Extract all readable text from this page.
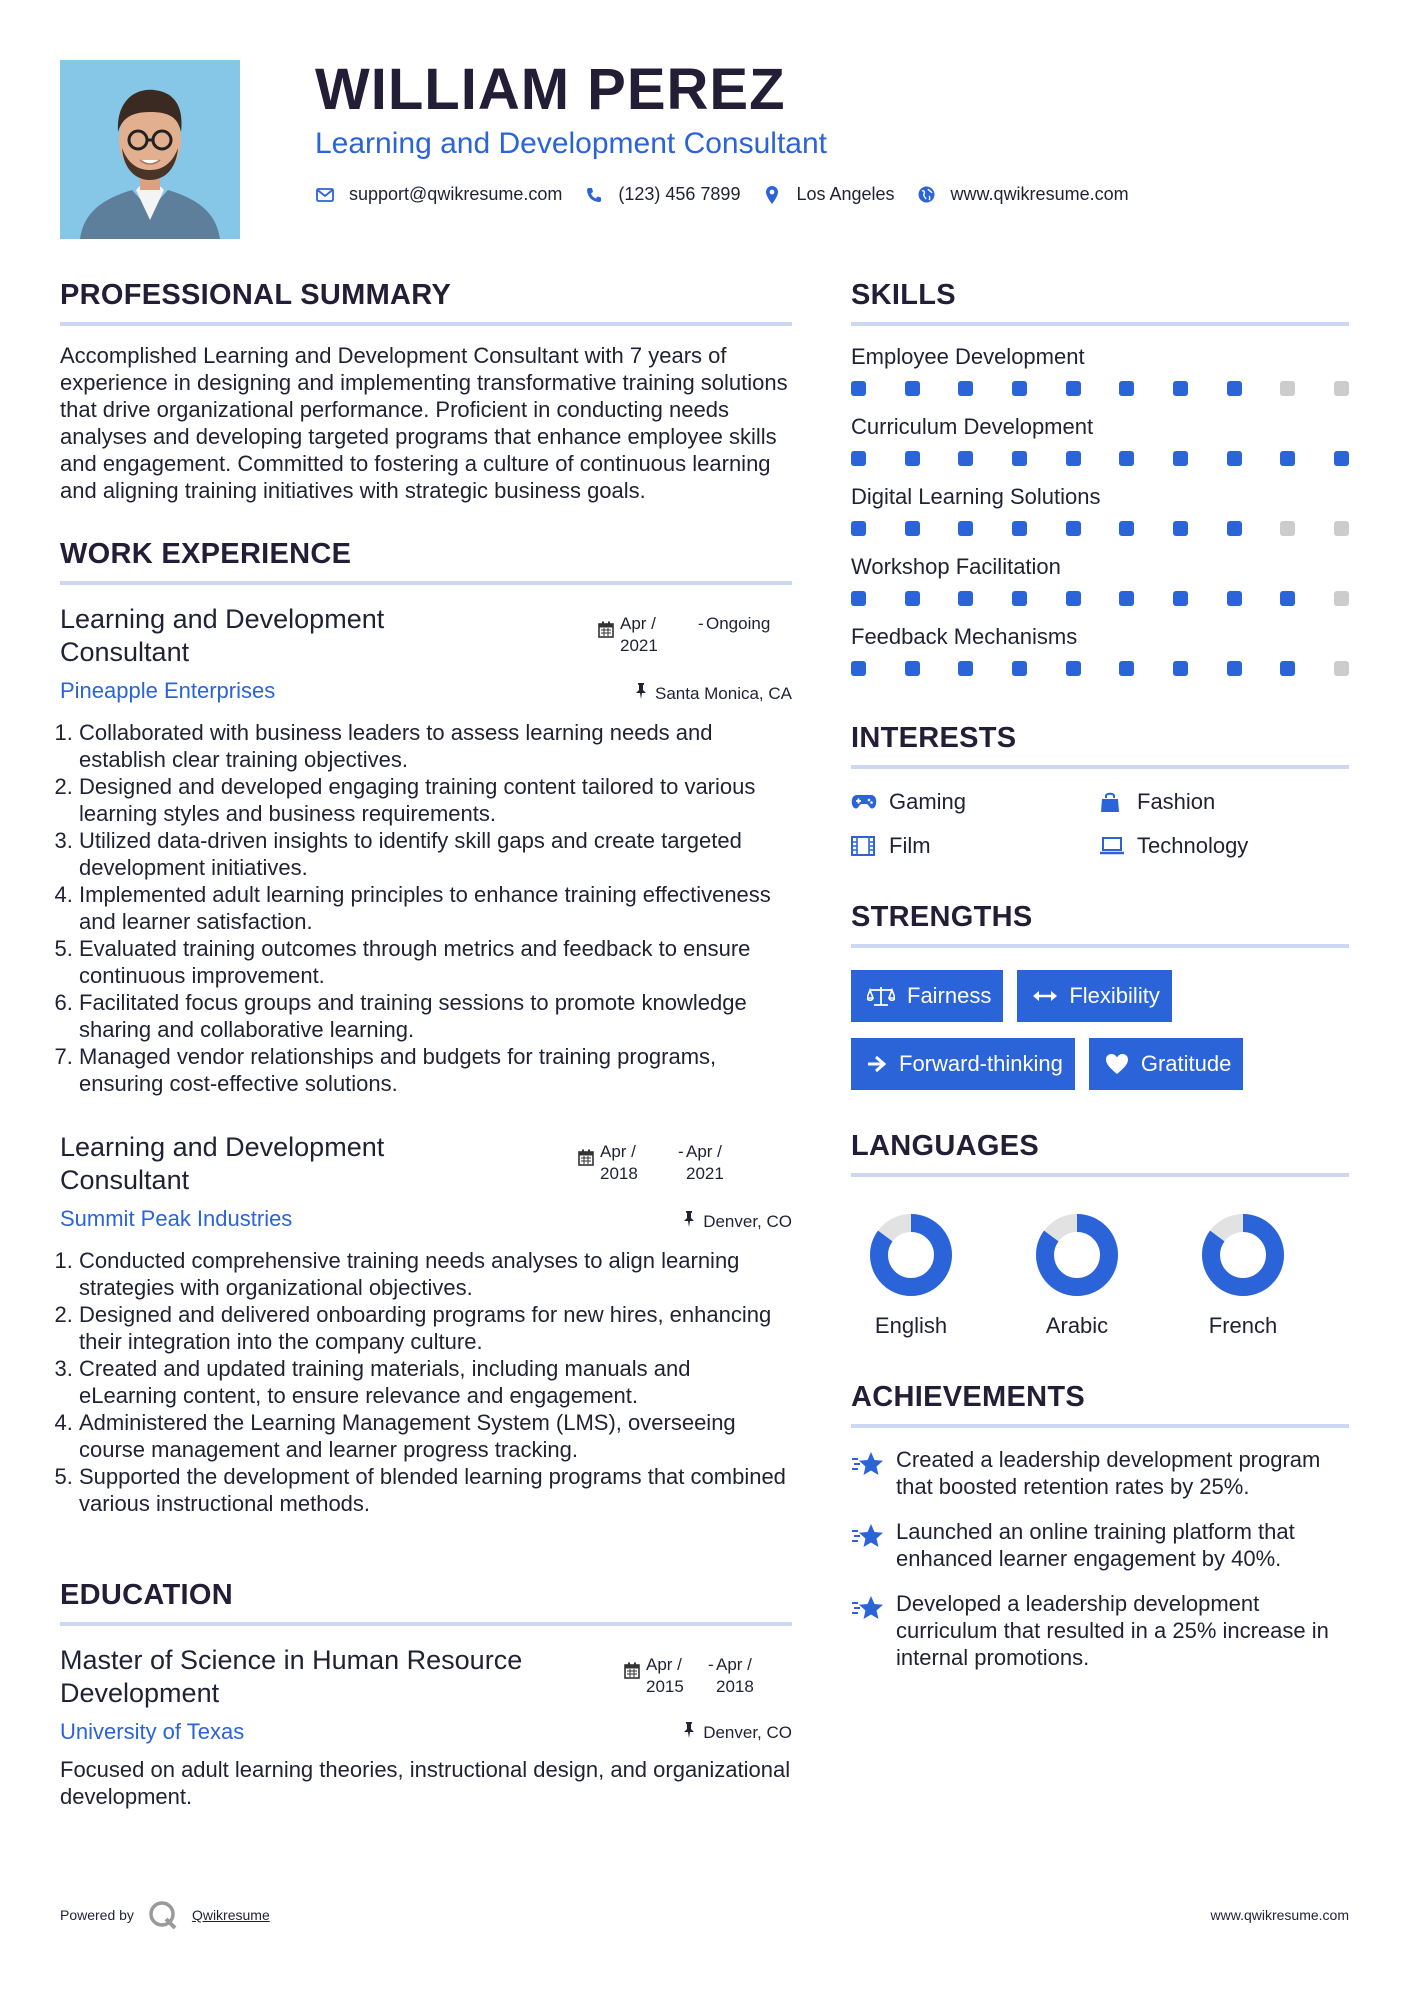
WILLIAM PEREZ
Learning and Development Consultant
support@qwikresume.com	(123) 456 7899	Los Angeles	www.qwikresume.com
PROFESSIONAL SUMMARY

Accomplished Learning and Development Consultant with 7 years of experience in designing and implementing transformative training solutions that drive organizational performance. Proficient in conducting needs analyses and developing targeted programs that enhance employee skills and engagement. Committed to fostering a culture of continuous learning and aligning training initiatives with strategic business goals.

WORK EXPERIENCE
Learning and Development Consultant
Apr / 2021
- Ongoing
Pineapple Enterprises	Santa Monica, CA
1. Collaborated with business leaders to assess learning needs and establish clear training objectives.
2. Designed and developed engaging training content tailored to various learning styles and business requirements.
3. Utilized data-driven insights to identify skill gaps and create targeted development initiatives.
4. Implemented adult learning principles to enhance training effectiveness and learner satisfaction.
5. Evaluated training outcomes through metrics and feedback to ensure continuous improvement.
6. Facilitated focus groups and training sessions to promote knowledge sharing and collaborative learning.
7. Managed vendor relationships and budgets for training programs, ensuring cost-effective solutions.
Learning and Development Consultant
Apr / 2018
- Apr / 2021
Summit Peak Industries	Denver, CO
1. Conducted comprehensive training needs analyses to align learning strategies with organizational objectives.
2. Designed and delivered onboarding programs for new hires, enhancing their integration into the company culture.
3. Created and updated training materials, including manuals and eLearning content, to ensure relevance and engagement.
4. Administered the Learning Management System (LMS), overseeing course management and learner progress tracking.
5. Supported the development of blended learning programs that combined various instructional methods.
EDUCATION
Master of Science in Human Resource Development
Apr / 2015
- Apr / 2018
University of Texas	Denver, CO

Focused on adult learning theories, instructional design, and organizational development.

SKILLS
Employee Development
Curriculum Development
Digital Learning Solutions
Workshop Facilitation
Feedback Mechanisms
INTERESTS
Gaming	Fashion
Film	Technology
STRENGTHS
Fairness	Flexibility
Forward-thinking	Gratitude
LANGUAGES
English	Arabic	French
ACHIEVEMENTS
Created a leadership development program that boosted retention rates by 25%.
Launched an online training platform that enhanced learner engagement by 40%.
Developed a leadership development curriculum that resulted in a 25% increase in internal promotions.
Powered by	Qwikresume	www.qwikresume.com
